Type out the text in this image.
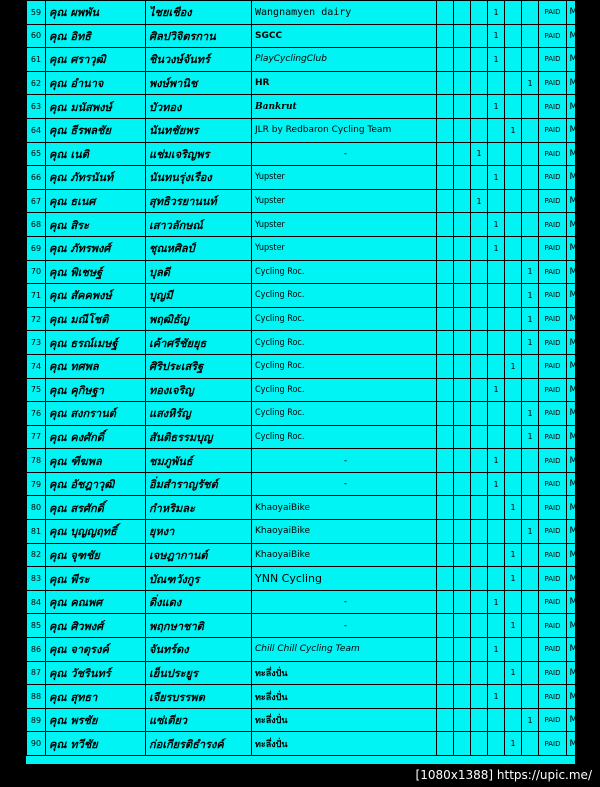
59	คุณ ผพพัน	ไชยเชือง	Wangnamyen dairy				1			PAID	Men
60	คุณ อิทธิ	ศิลปวิจิตรกาน	SGCC				1			PAID	Men
61	คุณ ศราวุฒิ	ชินวงษ์จันทร์	PlayCyclingClub				1			PAID	Men
62	คุณ อำนาจ	พงษ์พานิช	HR						1	PAID	Men
63	คุณ มนัสพงษ์	บัวทอง	Bankrut				1			PAID	Men
64	คุณ ธีรพลชัย	นันทชัยพร	JLR by Redbaron Cycling Team					1		PAID	Men
65	คุณ เนติ	แช่มเจริญพร	-			1				PAID	Men
66	คุณ ภัทรนันท์	นันทนรุ่งเรือง	Yupster				1			PAID	Men
67	คุณ ธเนศ	สุทธิวรยานนท์	Yupster			1				PAID	Men
68	คุณ สิระ	เสาวลักษณ์	Yupster				1			PAID	Men
69	คุณ ภัทรพงศ์	ชุณหศิลป์	Yupster				1			PAID	Men
70	คุณ พิเชษฐ์	บุลดี	Cycling Roc.						1	PAID	Men
71	คุณ สัคคพงษ์	บุญมี	Cycling Roc.						1	PAID	Men
72	คุณ มณีโชติ	พฤฒิธัญ	Cycling Roc.						1	PAID	Men
73	คุณ ธรณ์เมษฐ์	เค้าศรีชัยยุธ	Cycling Roc.						1	PAID	Men
74	คุณ ทศพล	ศิริประเสริฐ	Cycling Roc.					1		PAID	Men
75	คุณ คุกิษฐา	ทองเจริญ	Cycling Roc.				1			PAID	Men
76	คุณ สงกรานต์	แสงหิรัญ	Cycling Roc.						1	PAID	Men
77	คุณ คงศักดิ์	สันติธรรมบุญ	Cycling Roc.						1	PAID	Men
78	คุณ ฑีฆพล	ชมภูพันธ์	-				1			PAID	Men
79	คุณ อัชฎาวุฒิ	อิ่มสำราญรัชต์	-				1			PAID	Men
80	คุณ สรศักดิ์	กำหริมละ	KhaoyaiBike					1		PAID	Men
81	คุณ บุญญฤทธิ์	ยุหงา	KhaoyaiBike						1	PAID	Men
82	คุณ จุฑชัย	เจษฎากานต์	KhaoyaiBike					1		PAID	Men
83	คุณ พีระ	บัณฑวังกูร	YNN Cycling					1		PAID	Men
84	คุณ คณพศ	ดิ่งแดง	-				1			PAID	Men
85	คุณ ศิวพงศ์	พฤกษาชาติ	-					1		PAID	Men
86	คุณ จาตุรงค์	จันทร์ดง	Chill Chill Cycling Team				1			PAID	Men
87	คุณ วัชรินทร์	เย็นประยูร	ทะลึ่งปั่น					1		PAID	Men
88	คุณ สุทธา	เจียรบรรพต	ทะลึ่งปั่น				1			PAID	Men
89	คุณ พรชัย	แซ่เตียว	ทะลึ่งปั่น						1	PAID	Men
90	คุณ ทวีชัย	ก่อเกียรติธำรงค์	ทะลึ่งปั่น					1		PAID	Men
[1080x1388] https://upic.me/
